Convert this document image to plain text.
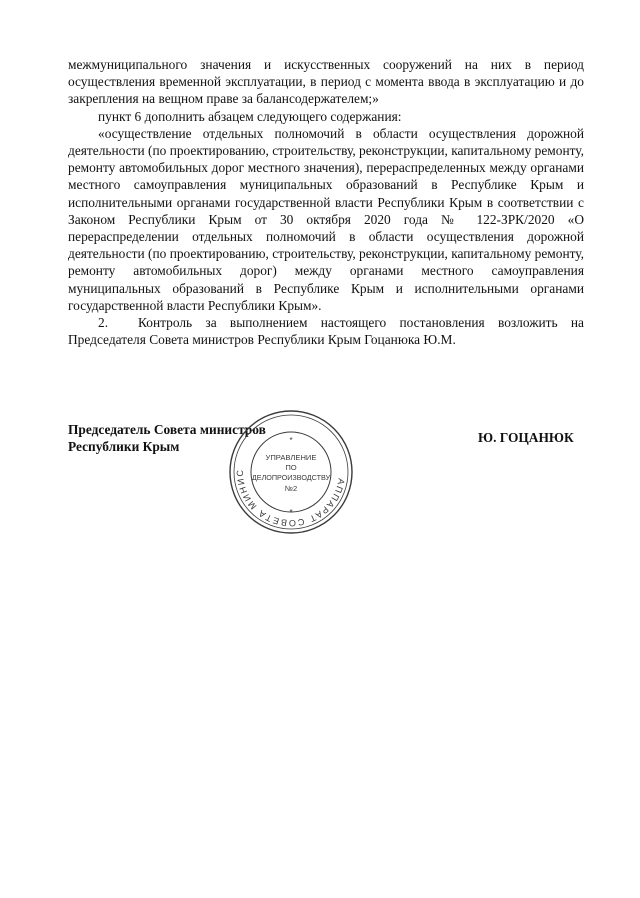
межмуниципального значения и искусственных сооружений на них в период осуществления временной эксплуатации, в период с момента ввода в эксплуатацию и до закрепления на вещном праве за балансодержателем;»

пункт 6 дополнить абзацем следующего содержания:

«осуществление отдельных полномочий в области осуществления дорожной деятельности (по проектированию, строительству, реконструкции, капитальному ремонту, ремонту автомобильных дорог местного значения), перераспределенных между органами местного самоуправления муниципальных образований в Республике Крым и исполнительными органами государственной власти Республики Крым в соответствии с Законом Республики Крым от 30 октября 2020 года № 122-ЗРК/2020 «О перераспределении отдельных полномочий в области осуществления дорожной деятельности (по проектированию, строительству, реконструкции, капитальному ремонту, ремонту автомобильных дорог) между органами местного самоуправления муниципальных образований в Республике Крым и исполнительными органами государственной власти Республики Крым».

2. Контроль за выполнением настоящего постановления возложить на Председателя Совета министров Республики Крым Гоцанюка Ю.М.

Председатель Совета министров
Республики Крым
Ю. ГОЦАНЮК
АППАРАТ СОВЕТА МИНИС
*
*
УПРАВЛЕНИЕ
ПО
ДЕЛОПРОИЗВОДСТВУ
№2
